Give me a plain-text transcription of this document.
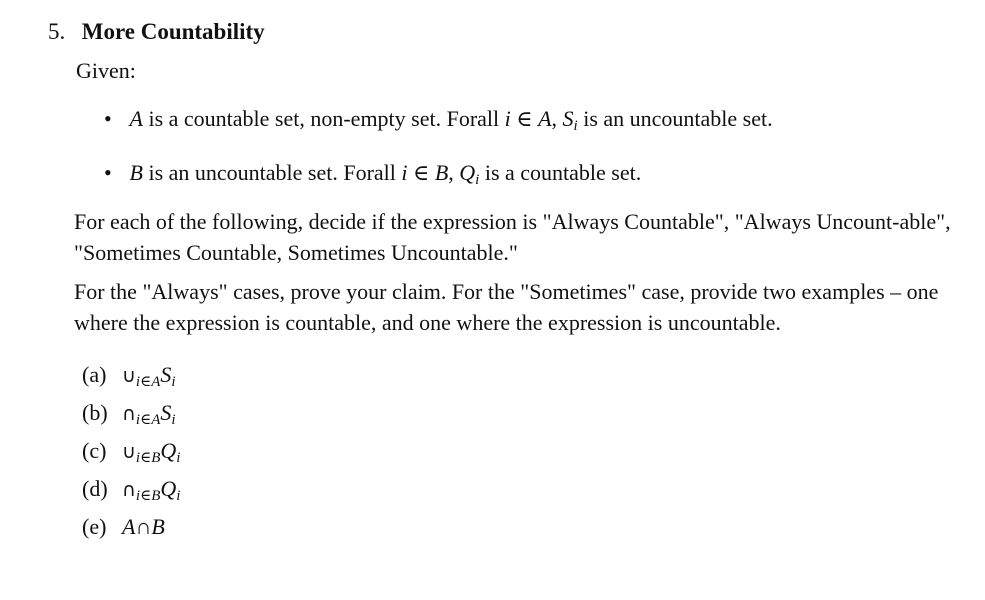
5. More Countability
Given:
• A is a countable set, non-empty set. Forall i ∈ A, $S_i$ is an uncountable set.
• B is an uncountable set. Forall i ∈ B, $Q_i$ is a countable set.
For each of the following, decide if the expression is "Always Countable", "Always Uncount-able", "Sometimes Countable, Sometimes Uncountable."
For the "Always" cases, prove your claim. For the "Sometimes" case, provide two examples – one where the expression is countable, and one where the expression is uncountable.
(a) $\cup_{i\in A}S_i$
(b) $\cap_{i\in A}S_i$
(c) $\cup_{i\in B}Q_i$
(d) $\cap_{i\in B}Q_i$
(e) A∩B
